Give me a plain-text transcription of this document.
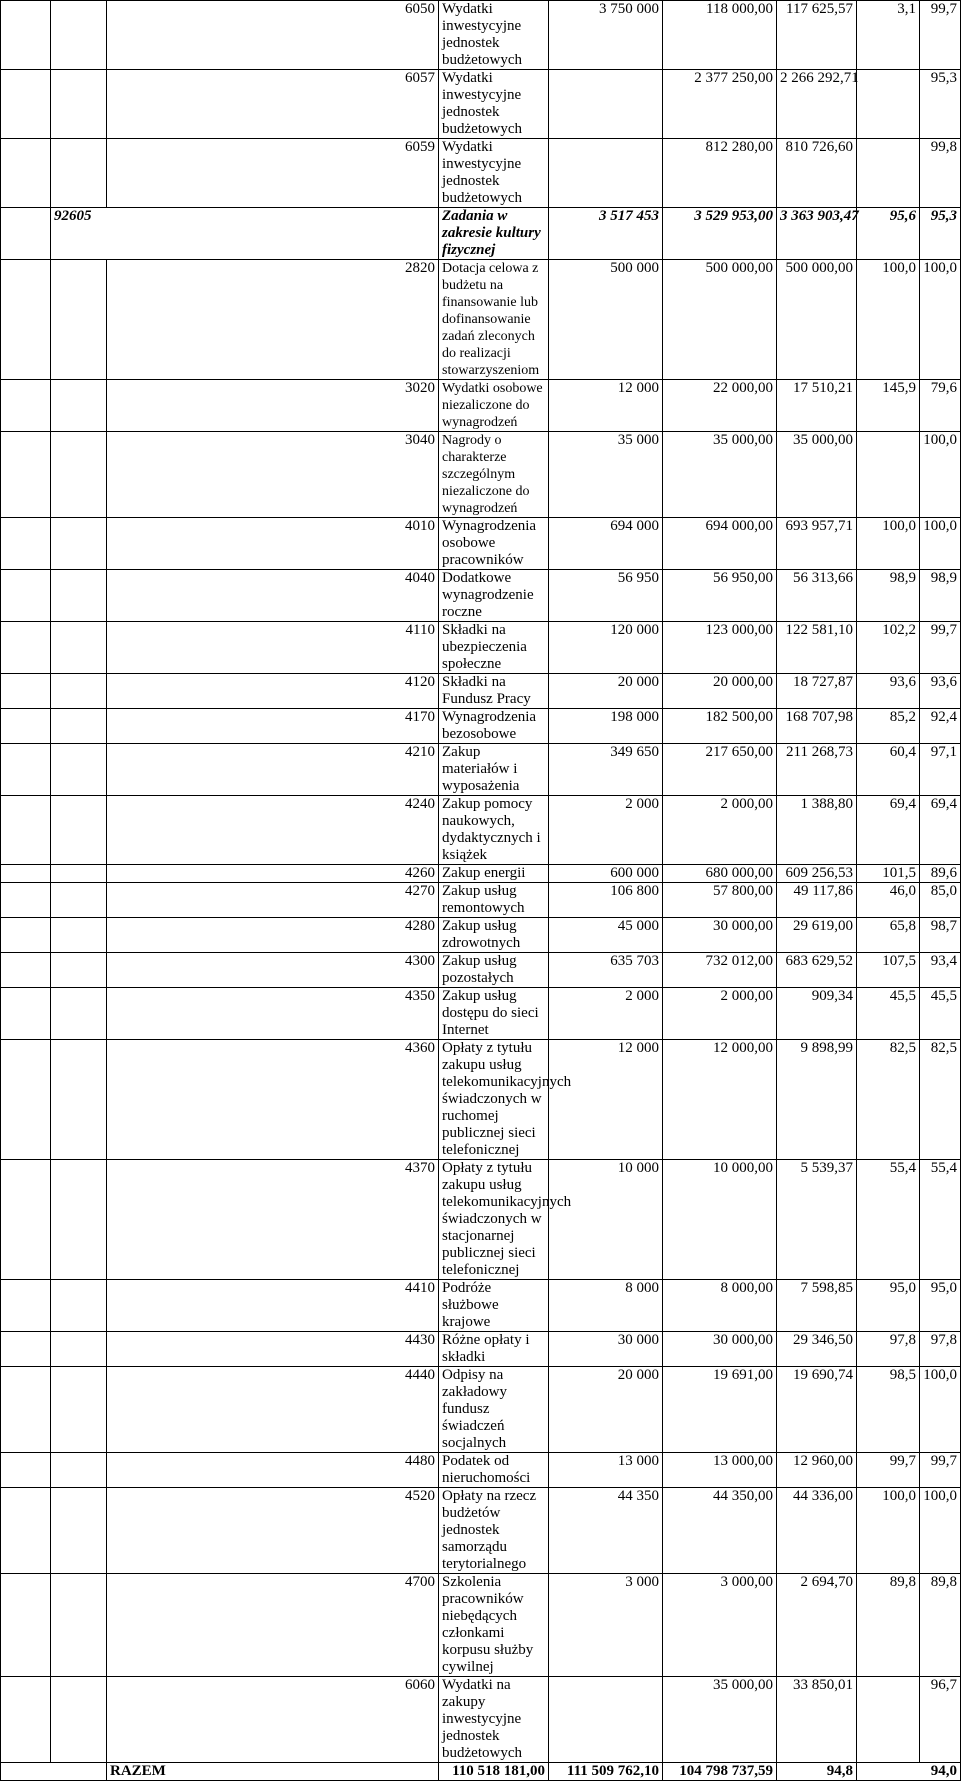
		6050	Wydatki inwestycyjne jednostek budżetowych	3 750 000	118 000,00	117 625,57	3,1	99,7
		6057	Wydatki inwestycyjne jednostek budżetowych		2 377 250,00	2 266 292,71		95,3
		6059	Wydatki inwestycyjne jednostek budżetowych		812 280,00	810 726,60		99,8
	92605		Zadania w zakresie kultury fizycznej	3 517 453	3 529 953,00	3 363 903,47	95,6	95,3
		2820	Dotacja celowa z budżetu na finansowanie lub dofinansowanie zadań zleconych do realizacji stowarzyszeniom	500 000	500 000,00	500 000,00	100,0	100,0
		3020	Wydatki osobowe niezaliczone do wynagrodzeń	12 000	22 000,00	17 510,21	145,9	79,6
		3040	Nagrody o charakterze szczególnym niezaliczone do wynagrodzeń	35 000	35 000,00	35 000,00		100,0
		4010	Wynagrodzenia osobowe pracowników	694 000	694 000,00	693 957,71	100,0	100,0
		4040	Dodatkowe wynagrodzenie roczne	56 950	56 950,00	56 313,66	98,9	98,9
		4110	Składki na ubezpieczenia społeczne	120 000	123 000,00	122 581,10	102,2	99,7
		4120	Składki na Fundusz Pracy	20 000	20 000,00	18 727,87	93,6	93,6
		4170	Wynagrodzenia bezosobowe	198 000	182 500,00	168 707,98	85,2	92,4
		4210	Zakup materiałów i wyposażenia	349 650	217 650,00	211 268,73	60,4	97,1
		4240	Zakup pomocy naukowych, dydaktycznych i książek	2 000	2 000,00	1 388,80	69,4	69,4
		4260	Zakup energii	600 000	680 000,00	609 256,53	101,5	89,6
		4270	Zakup usług remontowych	106 800	57 800,00	49 117,86	46,0	85,0
		4280	Zakup usług zdrowotnych	45 000	30 000,00	29 619,00	65,8	98,7
		4300	Zakup usług pozostałych	635 703	732 012,00	683 629,52	107,5	93,4
		4350	Zakup usług dostępu do sieci Internet	2 000	2 000,00	909,34	45,5	45,5
		4360	Opłaty z tytułu zakupu usług telekomunikacyjnych świadczonych w ruchomej publicznej sieci telefonicznej	12 000	12 000,00	9 898,99	82,5	82,5
		4370	Opłaty z tytułu zakupu usług telekomunikacyjnych świadczonych w stacjonarnej publicznej sieci telefonicznej	10 000	10 000,00	5 539,37	55,4	55,4
		4410	Podróże służbowe krajowe	8 000	8 000,00	7 598,85	95,0	95,0
		4430	Różne opłaty i składki	30 000	30 000,00	29 346,50	97,8	97,8
		4440	Odpisy na zakładowy fundusz świadczeń socjalnych	20 000	19 691,00	19 690,74	98,5	100,0
		4480	Podatek od nieruchomości	13 000	13 000,00	12 960,00	99,7	99,7
		4520	Opłaty na rzecz budżetów jednostek samorządu terytorialnego	44 350	44 350,00	44 336,00	100,0	100,0
		4700	Szkolenia pracowników niebędących członkami korpusu służby cywilnej	3 000	3 000,00	2 694,70	89,8	89,8
		6060	Wydatki na zakupy inwestycyjne jednostek budżetowych		35 000,00	33 850,01		96,7
		RAZEM	110 518 181,00	111 509 762,10	104 798 737,59	94,8	94,0	
